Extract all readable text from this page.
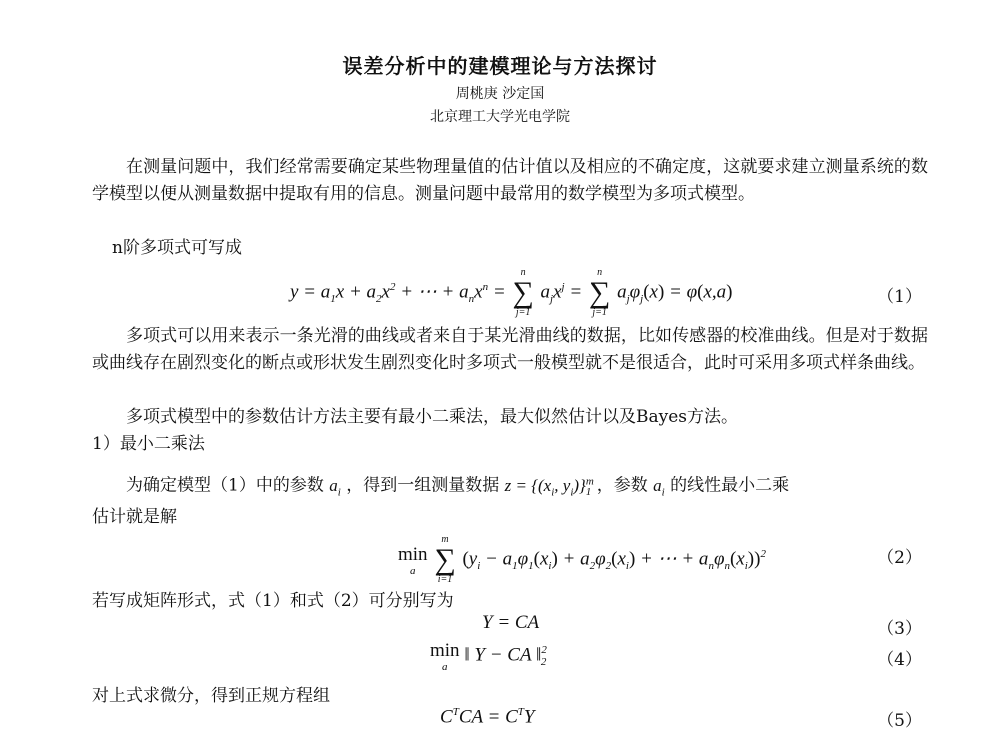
误差分析中的建模理论与方法探讨
周桃庚 沙定国
北京理工大学光电学院

在测量问题中，我们经常需要确定某些物理量值的估计值以及相应的不确定度，这就要求建立测量系统的数学模型以便从测量数据中提取有用的信息。测量问题中最常用的数学模型为多项式模型。

n阶多项式可写成
$y = a_1x + a_2x^2$ + ⋯ + $a_nx^n$ =
n
∑
j=1
$a_jx^j$ =
n
∑
j=1
$a_j\varphi_j(x) = \varphi(x,a)$	（1）

多项式可以用来表示一条光滑的曲线或者来自于某光滑曲线的数据，比如传感器的校准曲线。但是对于数据或曲线存在剧烈变化的断点或形状发生剧烈变化时多项式一般模型就不是很适合，此时可采用多项式样条曲线。

多项式模型中的参数估计方法主要有最小二乘法，最大似然估计以及Bayes方法。

1）最小二乘法
为确定模型（1）中的参数 $a_i$ ，得到一组测量数据 $z = \{(x_i$, $y_i)\}^m_1$ ，参数 $a_i$ 的线性最小二乘
估计就是解
min
a

m
∑
i=1
($y_i - a_1\varphi_1(x_i) + a_2\varphi_2(x_i)$ + ⋯ + $a_n\varphi_n(x_i))^2$	（2）
若写成矩阵形式，式（1）和式（2）可分别写为
Y = CA	（3）
min
a
‖ Y − CA ‖$^2_2$	（4）
对上式求微分，得到正规方程组
$C^TCA = C^TY$	（5）
